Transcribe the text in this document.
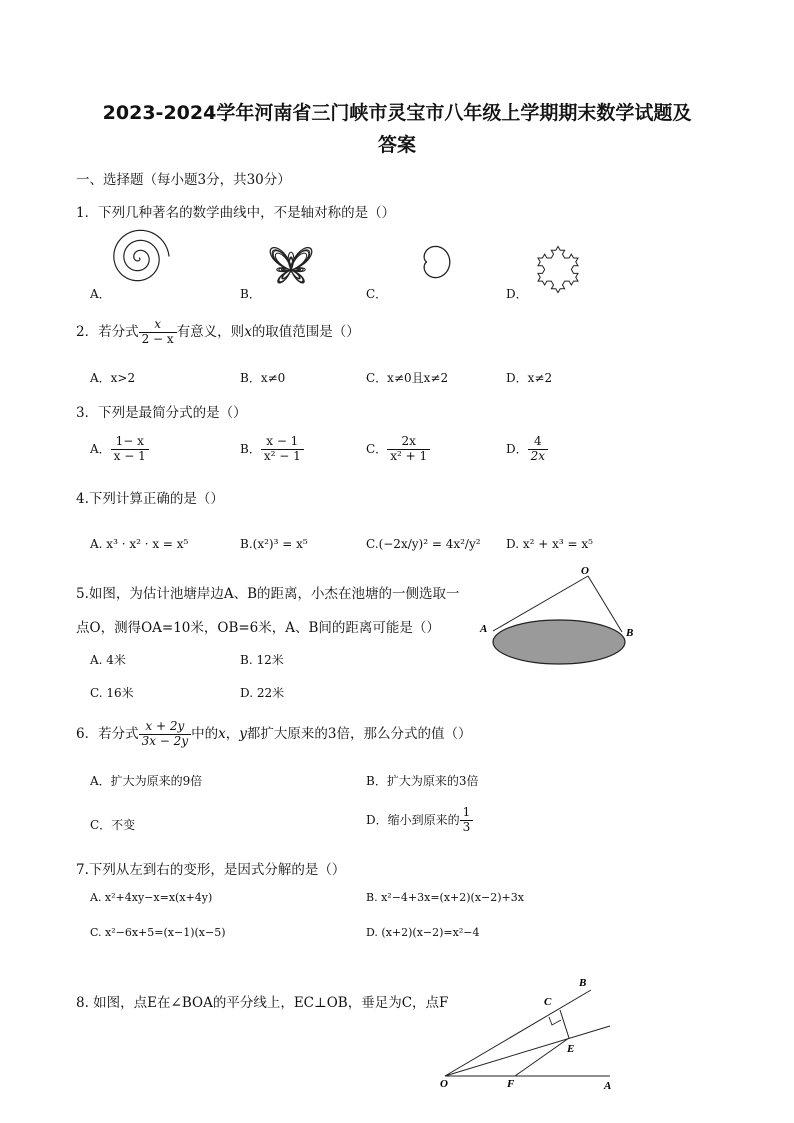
2023-2024学年河南省三门峡市灵宝市八年级上学期期末数学试题及
答案
一、选择题（每小题3分，共30分）
1．下列几种著名的数学曲线中，不是轴对称的是（）
A．	B．	C．	D．
2．若分式 $\frac{x}{2 - x}$ 有意义，则x的取值范围是（）
A．x>2	B．x≠0	C．x≠0且x≠2	D．x≠2
3．下列是最简分式的是（）
A． $\frac{1- x}{x - 1}$	B． $\frac{x - 1}{\text{x² − 1}}$	C． $\frac{2x}{\text{x² + 1}}$	D． $\frac{4}{2x}$
4.下列计算正确的是（）
A. x³ · x² · x = x⁵	B.(x²)³ = x⁵	C.(−2x/y)² = 4x²/y² D. x² + x³ = x⁵
5.如图，为估计池塘岸边A、B的距离，小杰在池塘的一侧选取一
点O，测得OA=10米，OB=6米，A、B间的距离可能是（）
A. 4米	B. 12米
C. 16米	D. 22米
O
A	B
6．若分式 $\frac{x + 2y}{3x - 2y}$ 中的x，y都扩大原来的3倍，那么分式的值（）
A．扩大为原来的9倍	B．扩大为原来的3倍
C．不变	D．缩小到原来的 $\frac{1}{3}$
7.下列从左到右的变形，是因式分解的是（）
A. x²+4xy−x=x(x+4y)	B. x²−4+3x=(x+2)(x−2)+3x
C. x²−6x+5=(x−1)(x−5)	D. (x+2)(x−2)=x²−4
8. 如图，点E在∠BOA的平分线上，EC⊥OB，垂足为C，点F
B
C
E
O	F	A
